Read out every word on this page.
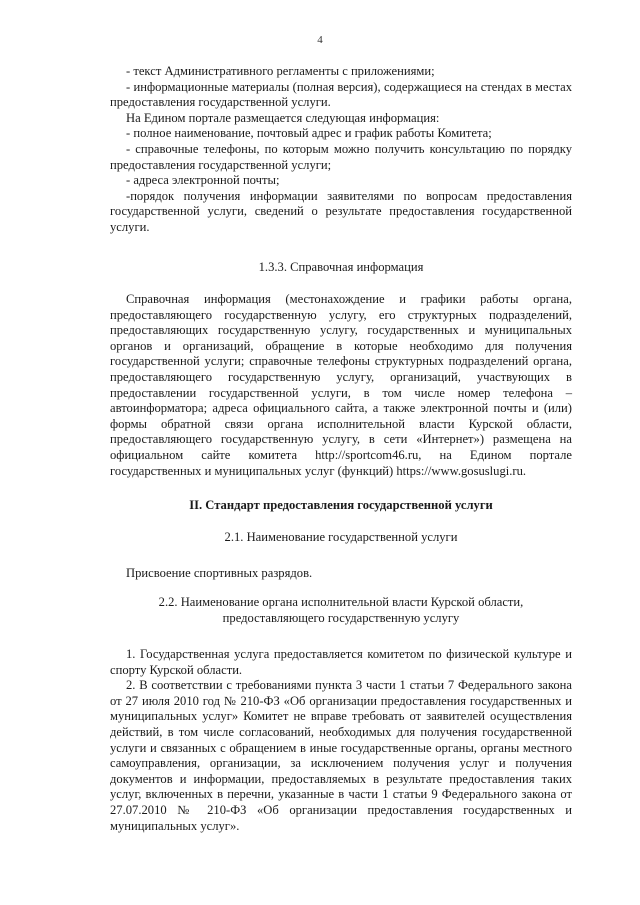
4

- текст Административного регламенты с приложениями;

- информационные материалы (полная версия), содержащиеся на стендах в местах предоставления государственной услуги.

На Едином портале размещается следующая информация:

- полное наименование, почтовый адрес и график работы Комитета;

- справочные телефоны, по которым можно получить консультацию по порядку предоставления государственной услуги;

- адреса электронной почты;

-порядок получения информации заявителями по вопросам предоставления государственной услуги, сведений о результате предоставления государственной услуги.

1.3.3. Справочная информация

Справочная информация (местонахождение и графики работы органа, предоставляющего государственную услугу, его структурных подразделений, предоставляющих государственную услугу, государственных и муниципальных органов и организаций, обращение в которые необходимо для получения государственной услуги; справочные телефоны структурных подразделений органа, предоставляющего государственную услугу, организаций, участвующих в предоставлении государственной услуги, в том числе номер телефона – автоинформатора; адреса официального сайта, а также электронной почты и (или) формы обратной связи органа исполнительной власти Курской области, предоставляющего государственную услугу, в сети «Интернет») размещена на официальном сайте комитета http://sportcom46.ru, на Едином портале государственных и муниципальных услуг (функций) https://www.gosuslugi.ru.

II. Стандарт предоставления государственной услуги
2.1. Наименование государственной услуги
Присвоение спортивных разрядов.

2.2. Наименование органа исполнительной власти Курской области,

предоставляющего государственную услугу

1. Государственная услуга предоставляется комитетом по физической культуре и спорту Курской области.

2. В соответствии с требованиями пункта 3 части 1 статьи 7 Федерального закона от 27 июля 2010 год № 210-ФЗ «Об организации предоставления государственных и муниципальных услуг» Комитет не вправе требовать от заявителей осуществления действий, в том числе согласований, необходимых для получения государственной услуги и связанных с обращением в иные государственные органы, органы местного самоуправления, организации, за исключением получения услуг и получения документов и информации, предоставляемых в результате предоставления таких услуг, включенных в перечни, указанные в части 1 статьи 9 Федерального закона от 27.07.2010 № 210-ФЗ «Об организации предоставления государственных и муниципальных услуг».
